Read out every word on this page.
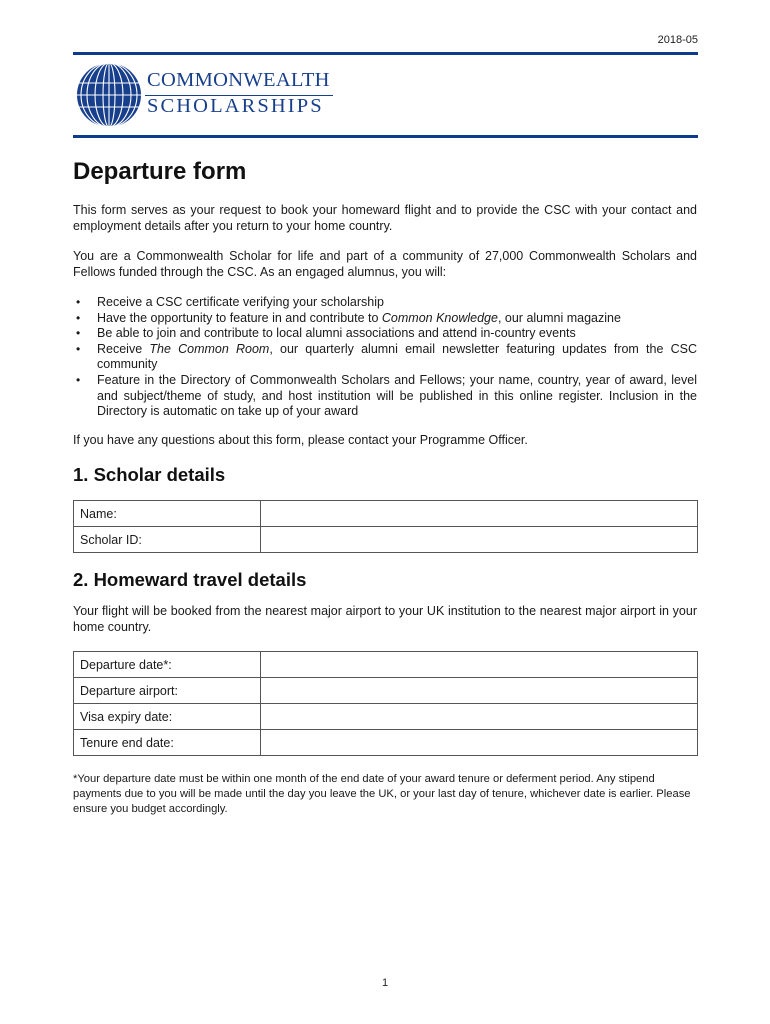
2018-05
COMMONWEALTH
SCHOLARSHIPS
Departure form

This form serves as your request to book your homeward flight and to provide the CSC with your contact and employment details after you return to your home country.

You are a Commonwealth Scholar for life and part of a community of 27,000 Commonwealth Scholars and Fellows funded through the CSC. As an engaged alumnus, you will:

• Receive a CSC certificate verifying your scholarship
• Have the opportunity to feature in and contribute to Common Knowledge, our alumni magazine
• Be able to join and contribute to local alumni associations and attend in-country events
• Receive The Common Room, our quarterly alumni email newsletter featuring updates from the CSC community
• Feature in the Directory of Commonwealth Scholars and Fellows; your name, country, year of award, level and subject/theme of study, and host institution will be published in this online register. Inclusion in the Directory is automatic on take up of your award

If you have any questions about this form, please contact your Programme Officer.

1. Scholar details
Name:	
Scholar ID:	
2. Homeward travel details

Your flight will be booked from the nearest major airport to your UK institution to the nearest major airport in your home country.

Departure date*:	
Departure airport:	
Visa expiry date:	
Tenure end date:	

*Your departure date must be within one month of the end date of your award tenure or deferment period. Any stipend payments due to you will be made until the day you leave the UK, or your last day of tenure, whichever date is earlier. Please ensure you budget accordingly.

1
